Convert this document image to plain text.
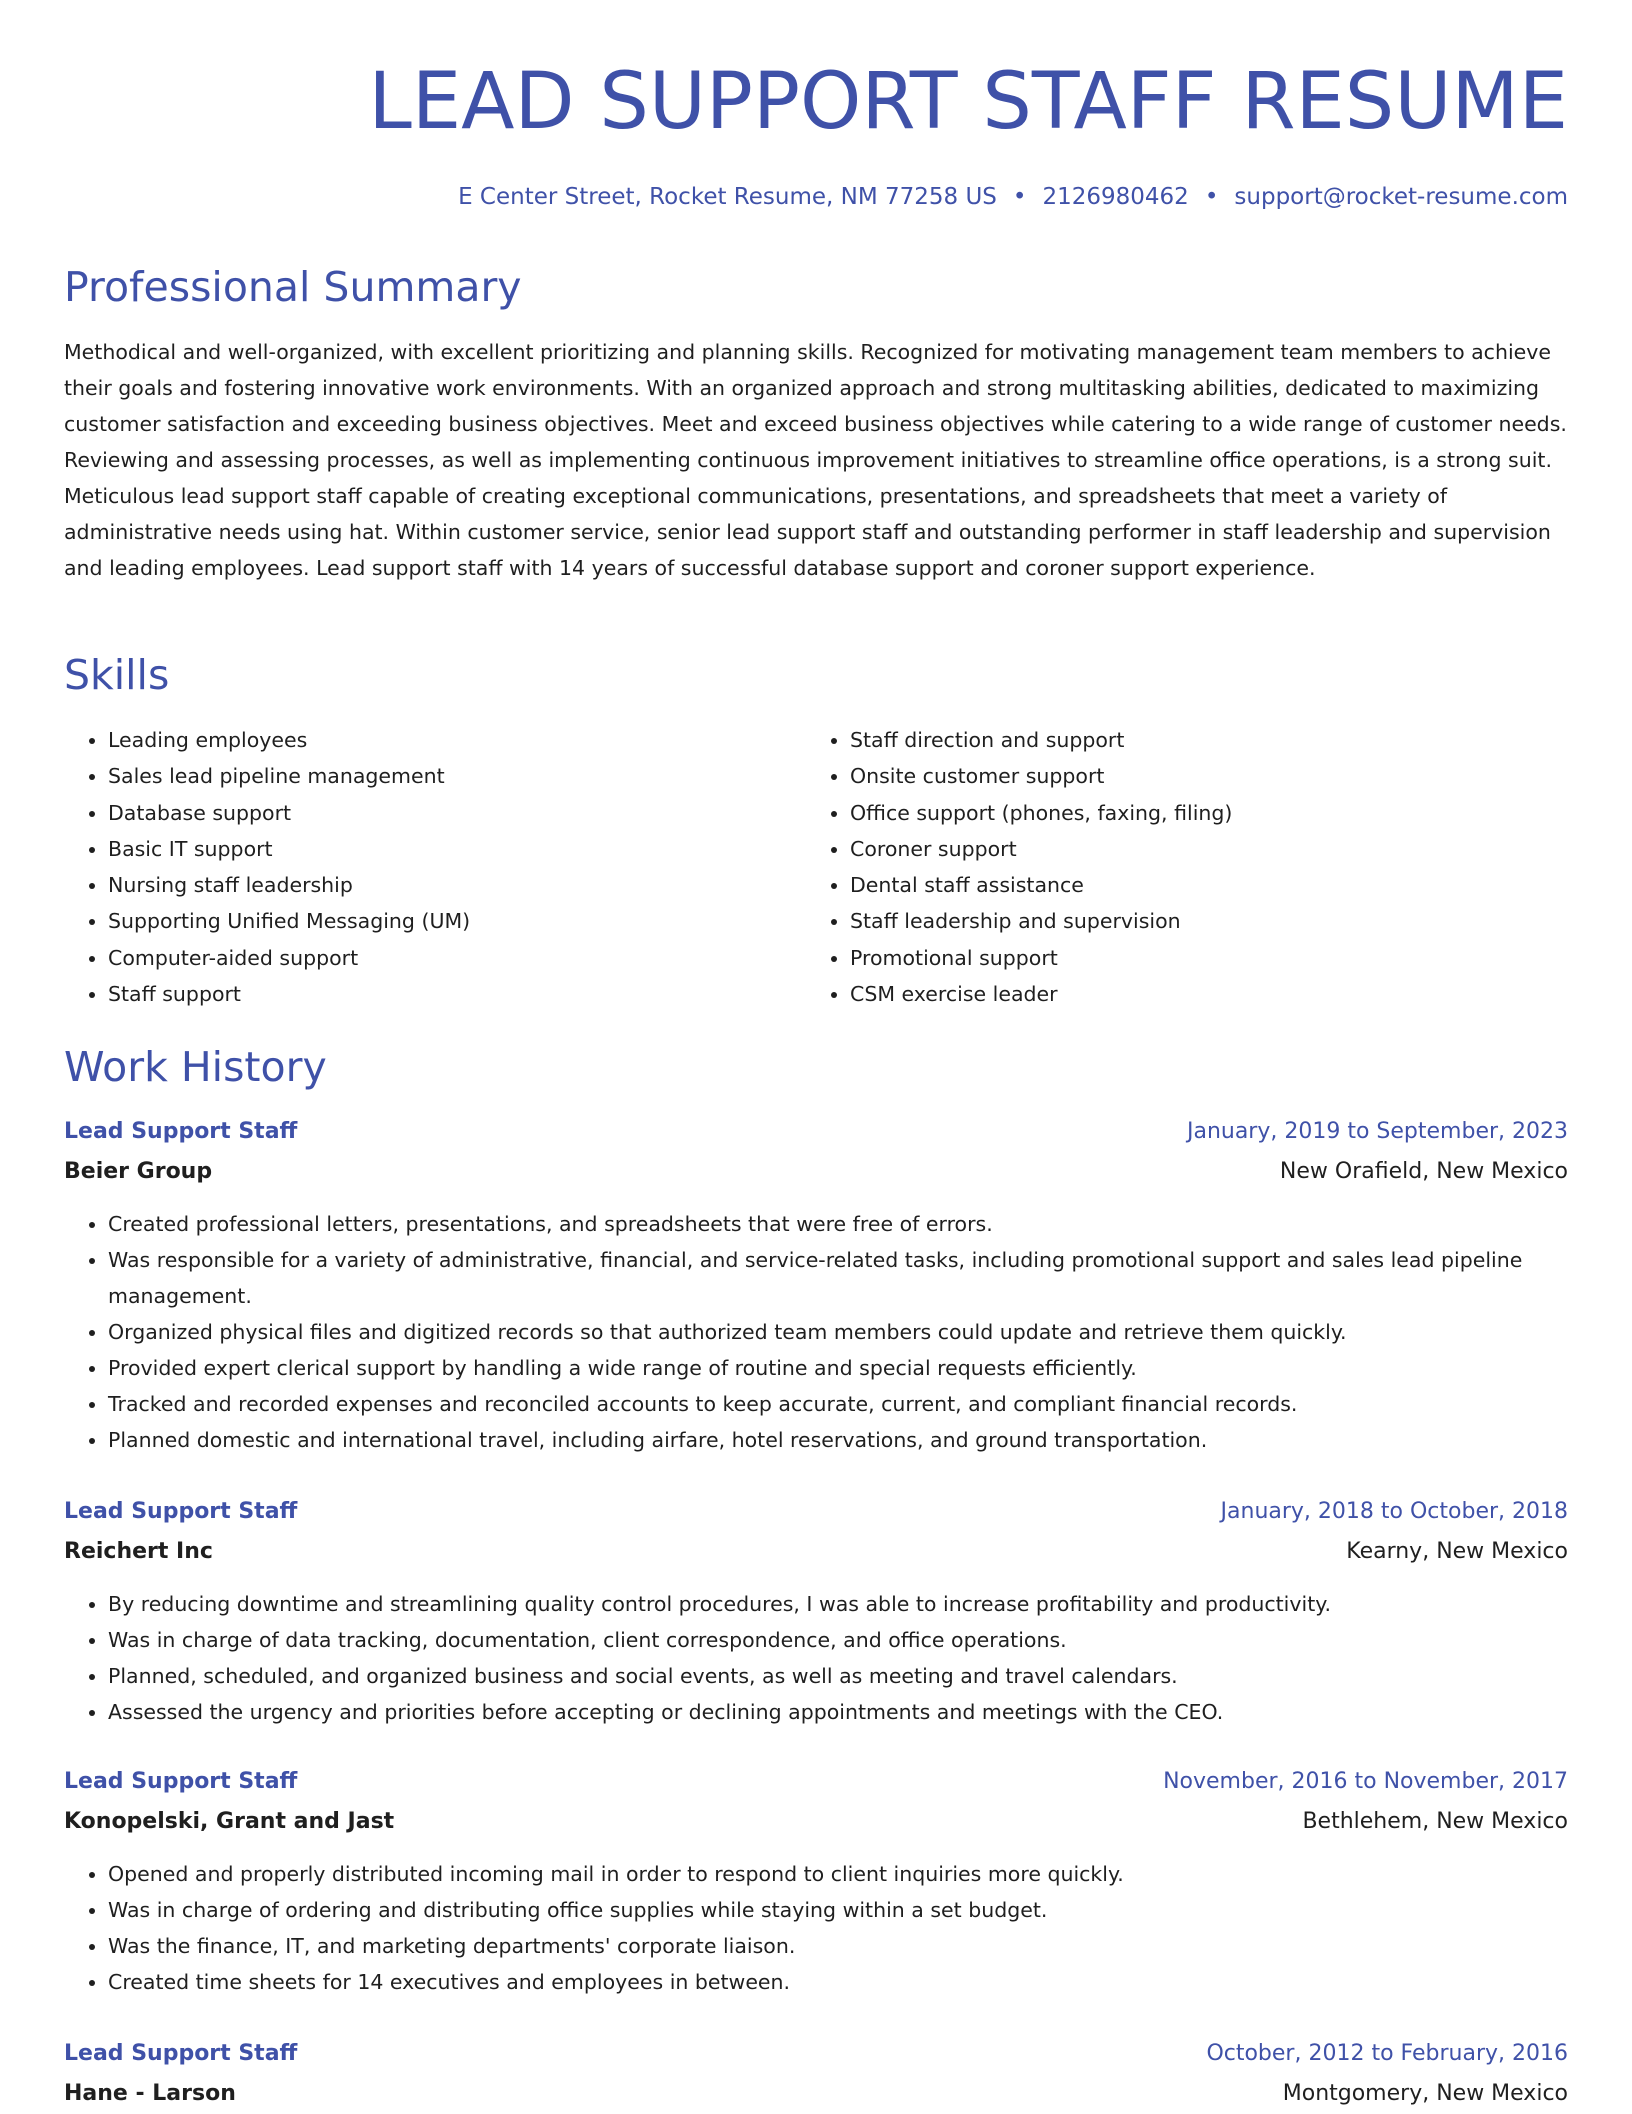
LEAD SUPPORT STAFF RESUME
E Center Street, Rocket Resume, NM 77258 US • 2126980462 • support@rocket-resume.com
Professional Summary

Methodical and well-organized, with excellent prioritizing and planning skills. Recognized for motivating management team members to achieve their goals and fostering innovative work environments. With an organized approach and strong multitasking abilities, dedicated to maximizing customer satisfaction and exceeding business objectives. Meet and exceed business objectives while catering to a wide range of customer needs. Reviewing and assessing processes, as well as implementing continuous improvement initiatives to streamline office operations, is a strong suit. Meticulous lead support staff capable of creating exceptional communications, presentations, and spreadsheets that meet a variety of administrative needs using hat. Within customer service, senior lead support staff and outstanding performer in staff leadership and supervision and leading employees. Lead support staff with 14 years of successful database support and coroner support experience.

Skills
• Leading employees
• Sales lead pipeline management
• Database support
• Basic IT support
• Nursing staff leadership
• Supporting Unified Messaging (UM)
• Computer-aided support
• Staff support
• Staff direction and support
• Onsite customer support
• Office support (phones, faxing, filing)
• Coroner support
• Dental staff assistance
• Staff leadership and supervision
• Promotional support
• CSM exercise leader
Work History
Lead Support Staff	January, 2019 to September, 2023
Beier Group	New Orafield, New Mexico
• Created professional letters, presentations, and spreadsheets that were free of errors.
• Was responsible for a variety of administrative, financial, and service-related tasks, including promotional support and sales lead pipeline management.
• Organized physical files and digitized records so that authorized team members could update and retrieve them quickly.
• Provided expert clerical support by handling a wide range of routine and special requests efficiently.
• Tracked and recorded expenses and reconciled accounts to keep accurate, current, and compliant financial records.
• Planned domestic and international travel, including airfare, hotel reservations, and ground transportation.
Lead Support Staff	January, 2018 to October, 2018
Reichert Inc	Kearny, New Mexico
• By reducing downtime and streamlining quality control procedures, I was able to increase profitability and productivity.
• Was in charge of data tracking, documentation, client correspondence, and office operations.
• Planned, scheduled, and organized business and social events, as well as meeting and travel calendars.
• Assessed the urgency and priorities before accepting or declining appointments and meetings with the CEO.
Lead Support Staff	November, 2016 to November, 2017
Konopelski, Grant and Jast	Bethlehem, New Mexico
• Opened and properly distributed incoming mail in order to respond to client inquiries more quickly.
• Was in charge of ordering and distributing office supplies while staying within a set budget.
• Was the finance, IT, and marketing departments' corporate liaison.
• Created time sheets for 14 executives and employees in between.
Lead Support Staff	October, 2012 to February, 2016
Hane - Larson	Montgomery, New Mexico
